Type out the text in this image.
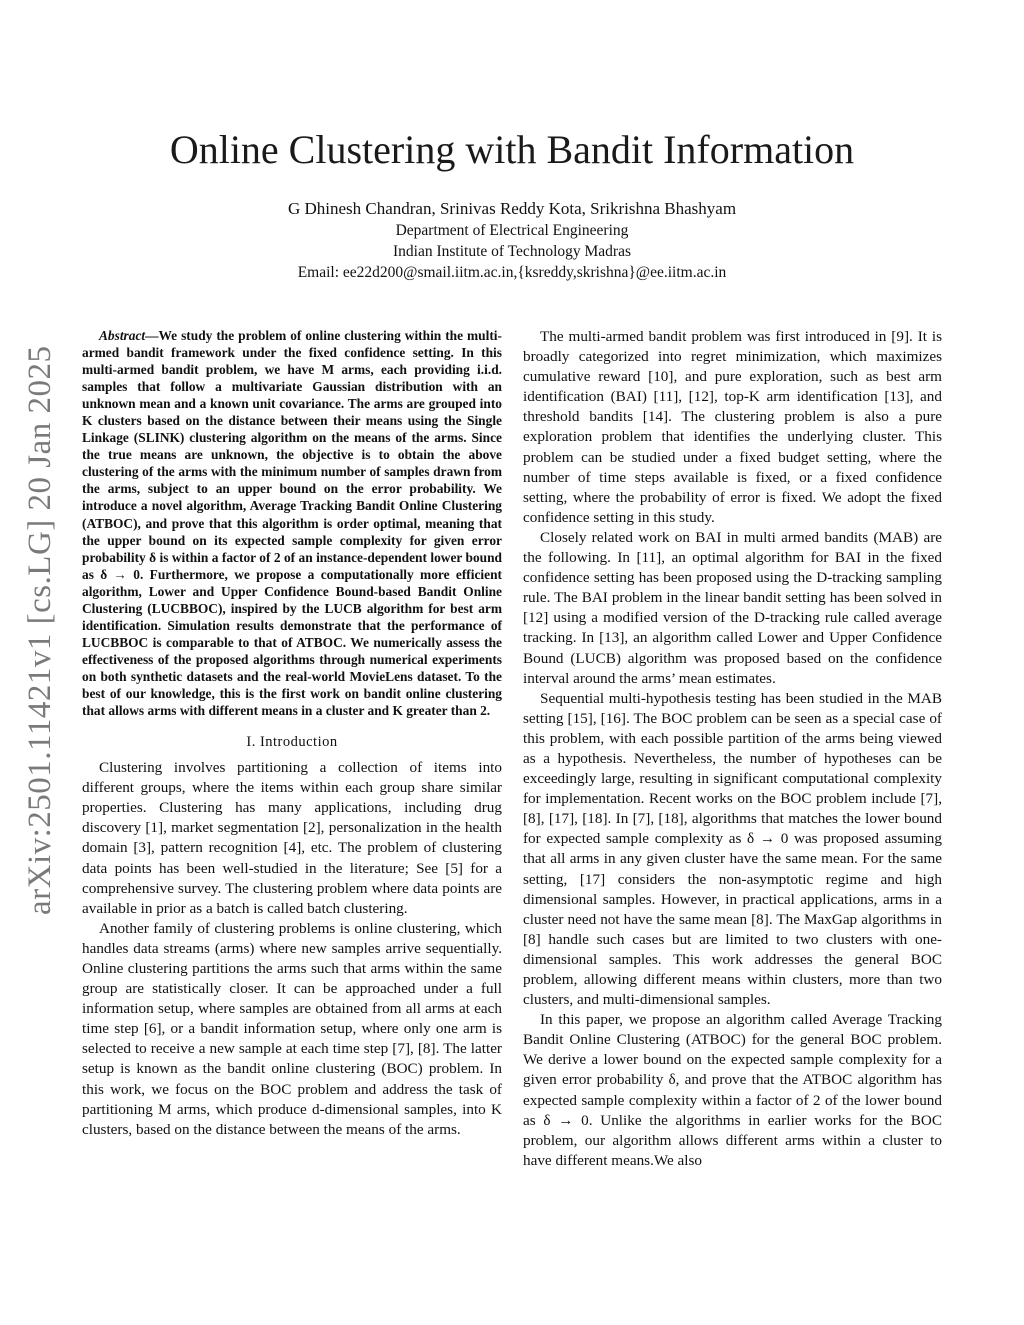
arXiv:2501.11421v1 [cs.LG] 20 Jan 2025
Online Clustering with Bandit Information
G Dhinesh Chandran, Srinivas Reddy Kota, Srikrishna Bhashyam
Department of Electrical Engineering
Indian Institute of Technology Madras
Email: ee22d200@smail.iitm.ac.in,{ksreddy,skrishna}@ee.iitm.ac.in

Abstract—We study the problem of online clustering within the multi-armed bandit framework under the fixed confidence setting. In this multi-armed bandit problem, we have M arms, each providing i.i.d. samples that follow a multivariate Gaussian distribution with an unknown mean and a known unit covariance. The arms are grouped into K clusters based on the distance between their means using the Single Linkage (SLINK) clustering algorithm on the means of the arms. Since the true means are unknown, the objective is to obtain the above clustering of the arms with the minimum number of samples drawn from the arms, subject to an upper bound on the error probability. We introduce a novel algorithm, Average Tracking Bandit Online Clustering (ATBOC), and prove that this algorithm is order optimal, meaning that the upper bound on its expected sample complexity for given error probability δ is within a factor of 2 of an instance-dependent lower bound as δ → 0. Furthermore, we propose a computationally more efficient algorithm, Lower and Upper Confidence Bound-based Bandit Online Clustering (LUCBBOC), inspired by the LUCB algorithm for best arm identification. Simulation results demonstrate that the performance of LUCBBOC is comparable to that of ATBOC. We numerically assess the effectiveness of the proposed algorithms through numerical experiments on both synthetic datasets and the real-world MovieLens dataset. To the best of our knowledge, this is the first work on bandit online clustering that allows arms with different means in a cluster and K greater than 2.

I. Introduction

Clustering involves partitioning a collection of items into different groups, where the items within each group share similar properties. Clustering has many applications, including drug discovery [1], market segmentation [2], personalization in the health domain [3], pattern recognition [4], etc. The problem of clustering data points has been well-studied in the literature; See [5] for a comprehensive survey. The clustering problem where data points are available in prior as a batch is called batch clustering.

Another family of clustering problems is online clustering, which handles data streams (arms) where new samples arrive sequentially. Online clustering partitions the arms such that arms within the same group are statistically closer. It can be approached under a full information setup, where samples are obtained from all arms at each time step [6], or a bandit information setup, where only one arm is selected to receive a new sample at each time step [7], [8]. The latter setup is known as the bandit online clustering (BOC) problem. In this work, we focus on the BOC problem and address the task of partitioning M arms, which produce d-dimensional samples, into K clusters, based on the distance between the means of the arms.

The multi-armed bandit problem was first introduced in [9]. It is broadly categorized into regret minimization, which maximizes cumulative reward [10], and pure exploration, such as best arm identification (BAI) [11], [12], top-K arm identification [13], and threshold bandits [14]. The clustering problem is also a pure exploration problem that identifies the underlying cluster. This problem can be studied under a fixed budget setting, where the number of time steps available is fixed, or a fixed confidence setting, where the probability of error is fixed. We adopt the fixed confidence setting in this study.

Closely related work on BAI in multi armed bandits (MAB) are the following. In [11], an optimal algorithm for BAI in the fixed confidence setting has been proposed using the D-tracking sampling rule. The BAI problem in the linear bandit setting has been solved in [12] using a modified version of the D-tracking rule called average tracking. In [13], an algorithm called Lower and Upper Confidence Bound (LUCB) algorithm was proposed based on the confidence interval around the arms’ mean estimates.

Sequential multi-hypothesis testing has been studied in the MAB setting [15], [16]. The BOC problem can be seen as a special case of this problem, with each possible partition of the arms being viewed as a hypothesis. Nevertheless, the number of hypotheses can be exceedingly large, resulting in significant computational complexity for implementation. Recent works on the BOC problem include [7], [8], [17], [18]. In [7], [18], algorithms that matches the lower bound for expected sample complexity as δ → 0 was proposed assuming that all arms in any given cluster have the same mean. For the same setting, [17] considers the non-asymptotic regime and high dimensional samples. However, in practical applications, arms in a cluster need not have the same mean [8]. The MaxGap algorithms in [8] handle such cases but are limited to two clusters with one-dimensional samples. This work addresses the general BOC problem, allowing different means within clusters, more than two clusters, and multi-dimensional samples.

In this paper, we propose an algorithm called Average Tracking Bandit Online Clustering (ATBOC) for the general BOC problem. We derive a lower bound on the expected sample complexity for a given error probability δ, and prove that the ATBOC algorithm has expected sample complexity within a factor of 2 of the lower bound as δ → 0. Unlike the algorithms in earlier works for the BOC problem, our algorithm allows different arms within a cluster to have different means.We also
